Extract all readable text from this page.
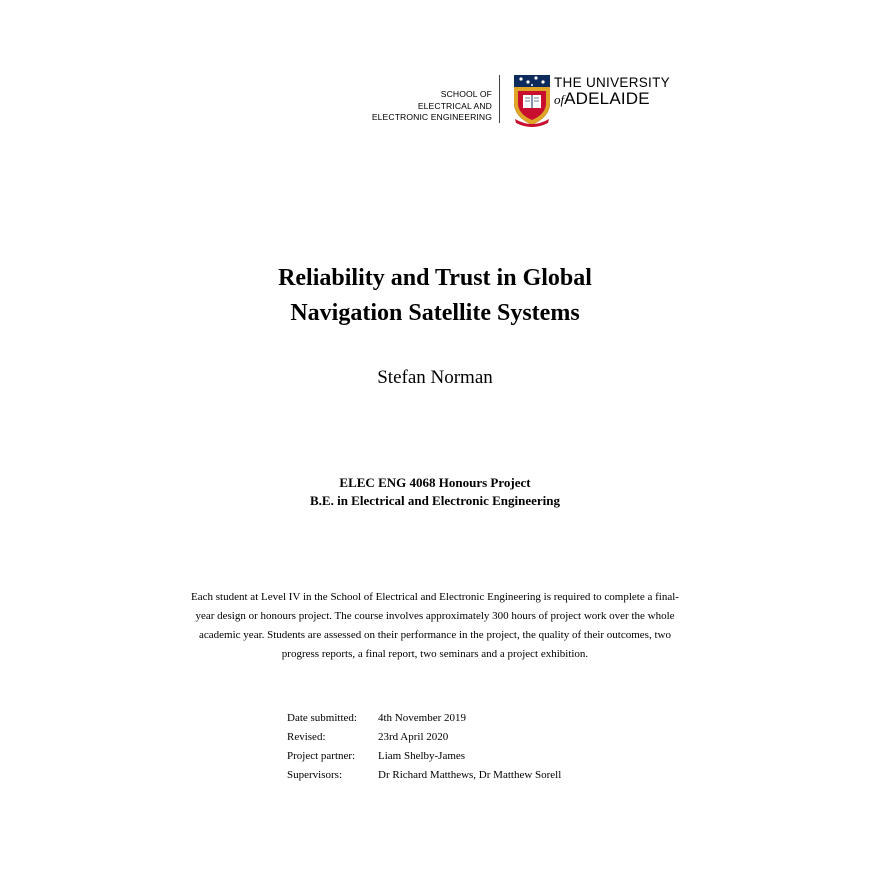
SCHOOL OF
ELECTRICAL AND
ELECTRONIC ENGINEERING
THE UNIVERSITY
ofADELAIDE
Reliability and Trust in Global
Navigation Satellite Systems
Stefan Norman
ELEC ENG 4068 Honours Project
B.E. in Electrical and Electronic Engineering
Each student at Level IV in the School of Electrical and Electronic Engineering is required to complete a final-year design or honours project. The course involves approximately 300 hours of project work over the whole academic year. Students are assessed on their performance in the project, the quality of their outcomes, two progress reports, a final report, two seminars and a project exhibition.
Date submitted:	4th November 2019
Revised:	23rd April 2020
Project partner:	Liam Shelby-James
Supervisors:	Dr Richard Matthews, Dr Matthew Sorell
